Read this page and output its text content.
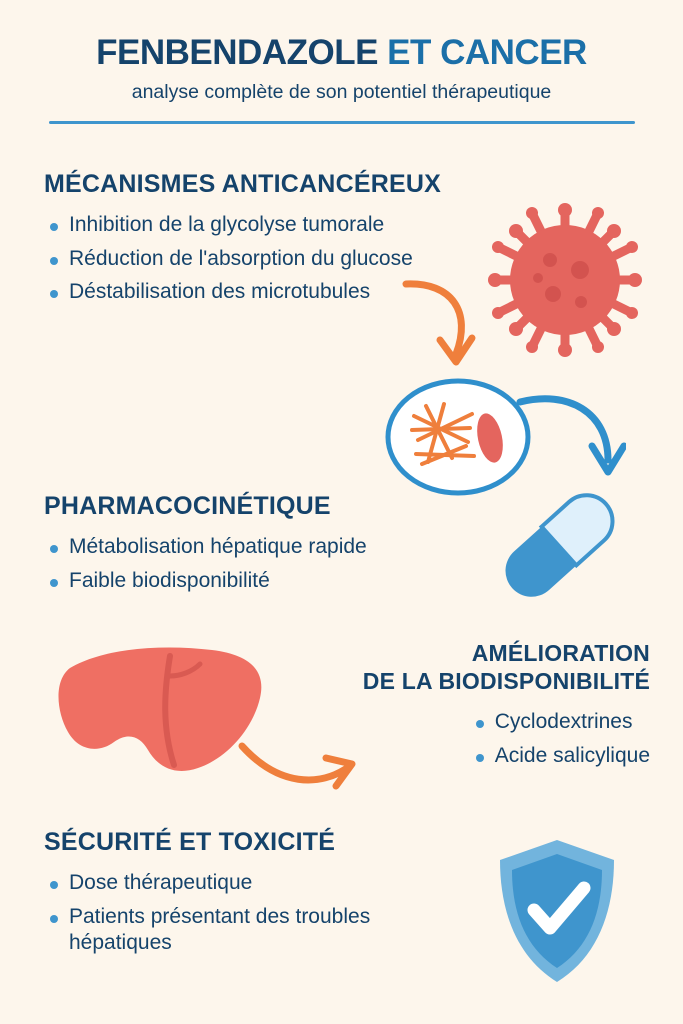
FENBENDAZOLE ET CANCER
analyse complète de son potentiel thérapeutique
MÉCANISMES ANTICANCÉREUX
Inhibition de la glycolyse tumorale
Réduction de l'absorption du glucose
Déstabilisation des microtubules
PHARMACOCINÉTIQUE
Métabolisation hépatique rapide
Faible biodisponibilité
AMÉLIORATION
DE LA BIODISPONIBILITÉ
Cyclodextrines
Acide salicylique
SÉCURITÉ ET TOXICITÉ
Dose thérapeutique
Patients présentant des troubles hépatiques
